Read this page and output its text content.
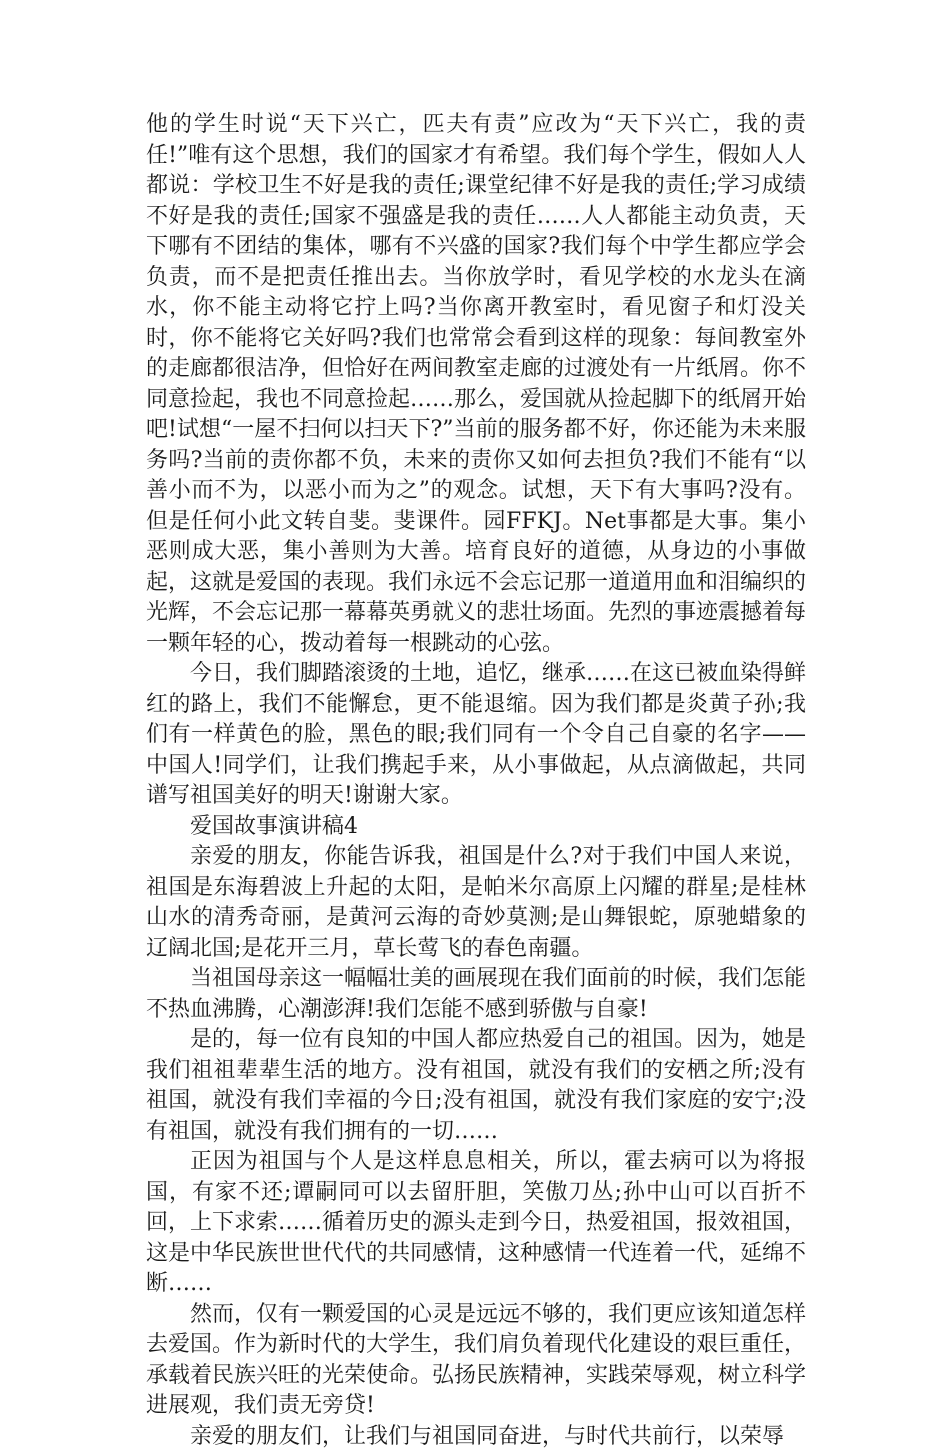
他的学生时说“天下兴亡，匹夫有责”应改为“天下兴亡，我的责任!”唯有这个思想，我们的国家才有希望。我们每个学生，假如人人都说：学校卫生不好是我的责任;课堂纪律不好是我的责任;学习成绩不好是我的责任;国家不强盛是我的责任……人人都能主动负责，天下哪有不团结的集体，哪有不兴盛的国家?我们每个中学生都应学会负责，而不是把责任推出去。当你放学时，看见学校的水龙头在滴水，你不能主动将它拧上吗?当你离开教室时，看见窗子和灯没关时，你不能将它关好吗?我们也常常会看到这样的现象：每间教室外的走廊都很洁净，但恰好在两间教室走廊的过渡处有一片纸屑。你不同意捡起，我也不同意捡起……那么，爱国就从捡起脚下的纸屑开始吧!试想“一屋不扫何以扫天下?”当前的服务都不好，你还能为未来服务吗?当前的责你都不负，未来的责你又如何去担负?我们不能有“以善小而不为，以恶小而为之”的观念。试想，天下有大事吗?没有。但是任何小此文转自斐。斐课件。园FFKJ。Net事都是大事。集小恶则成大恶，集小善则为大善。培育良好的道德，从身边的小事做起，这就是爱国的表现。我们永远不会忘记那一道道用血和泪编织的光辉，不会忘记那一幕幕英勇就义的悲壮场面。先烈的事迹震撼着每一颗年轻的心，拨动着每一根跳动的心弦。

今日，我们脚踏滚烫的土地，追忆，继承……在这已被血染得鲜红的路上，我们不能懈怠，更不能退缩。因为我们都是炎黄子孙;我们有一样黄色的脸，黑色的眼;我们同有一个令自己自豪的名字——中国人!同学们，让我们携起手来，从小事做起，从点滴做起，共同谱写祖国美好的明天!谢谢大家。

爱国故事演讲稿4

亲爱的朋友，你能告诉我，祖国是什么?对于我们中国人来说，祖国是东海碧波上升起的太阳，是帕米尔高原上闪耀的群星;是桂林山水的清秀奇丽，是黄河云海的奇妙莫测;是山舞银蛇，原驰蜡象的辽阔北国;是花开三月，草长莺飞的春色南疆。

当祖国母亲这一幅幅壮美的画展现在我们面前的时候，我们怎能不热血沸腾，心潮澎湃!我们怎能不感到骄傲与自豪!

是的，每一位有良知的中国人都应热爱自己的祖国。因为，她是我们祖祖辈辈生活的地方。没有祖国，就没有我们的安栖之所;没有祖国，就没有我们幸福的今日;没有祖国，就没有我们家庭的安宁;没有祖国，就没有我们拥有的一切……

正因为祖国与个人是这样息息相关，所以，霍去病可以为将报国，有家不还;谭嗣同可以去留肝胆，笑傲刀丛;孙中山可以百折不回，上下求索……循着历史的源头走到今日，热爱祖国，报效祖国，这是中华民族世世代代的共同感情，这种感情一代连着一代，延绵不断……

然而，仅有一颗爱国的心灵是远远不够的，我们更应该知道怎样去爱国。作为新时代的大学生，我们肩负着现代化建设的艰巨重任，承载着民族兴旺的光荣使命。弘扬民族精神，实践荣辱观，树立科学进展观，我们责无旁贷!

亲爱的朋友们，让我们与祖国同奋进，与时代共前行，以荣辱
